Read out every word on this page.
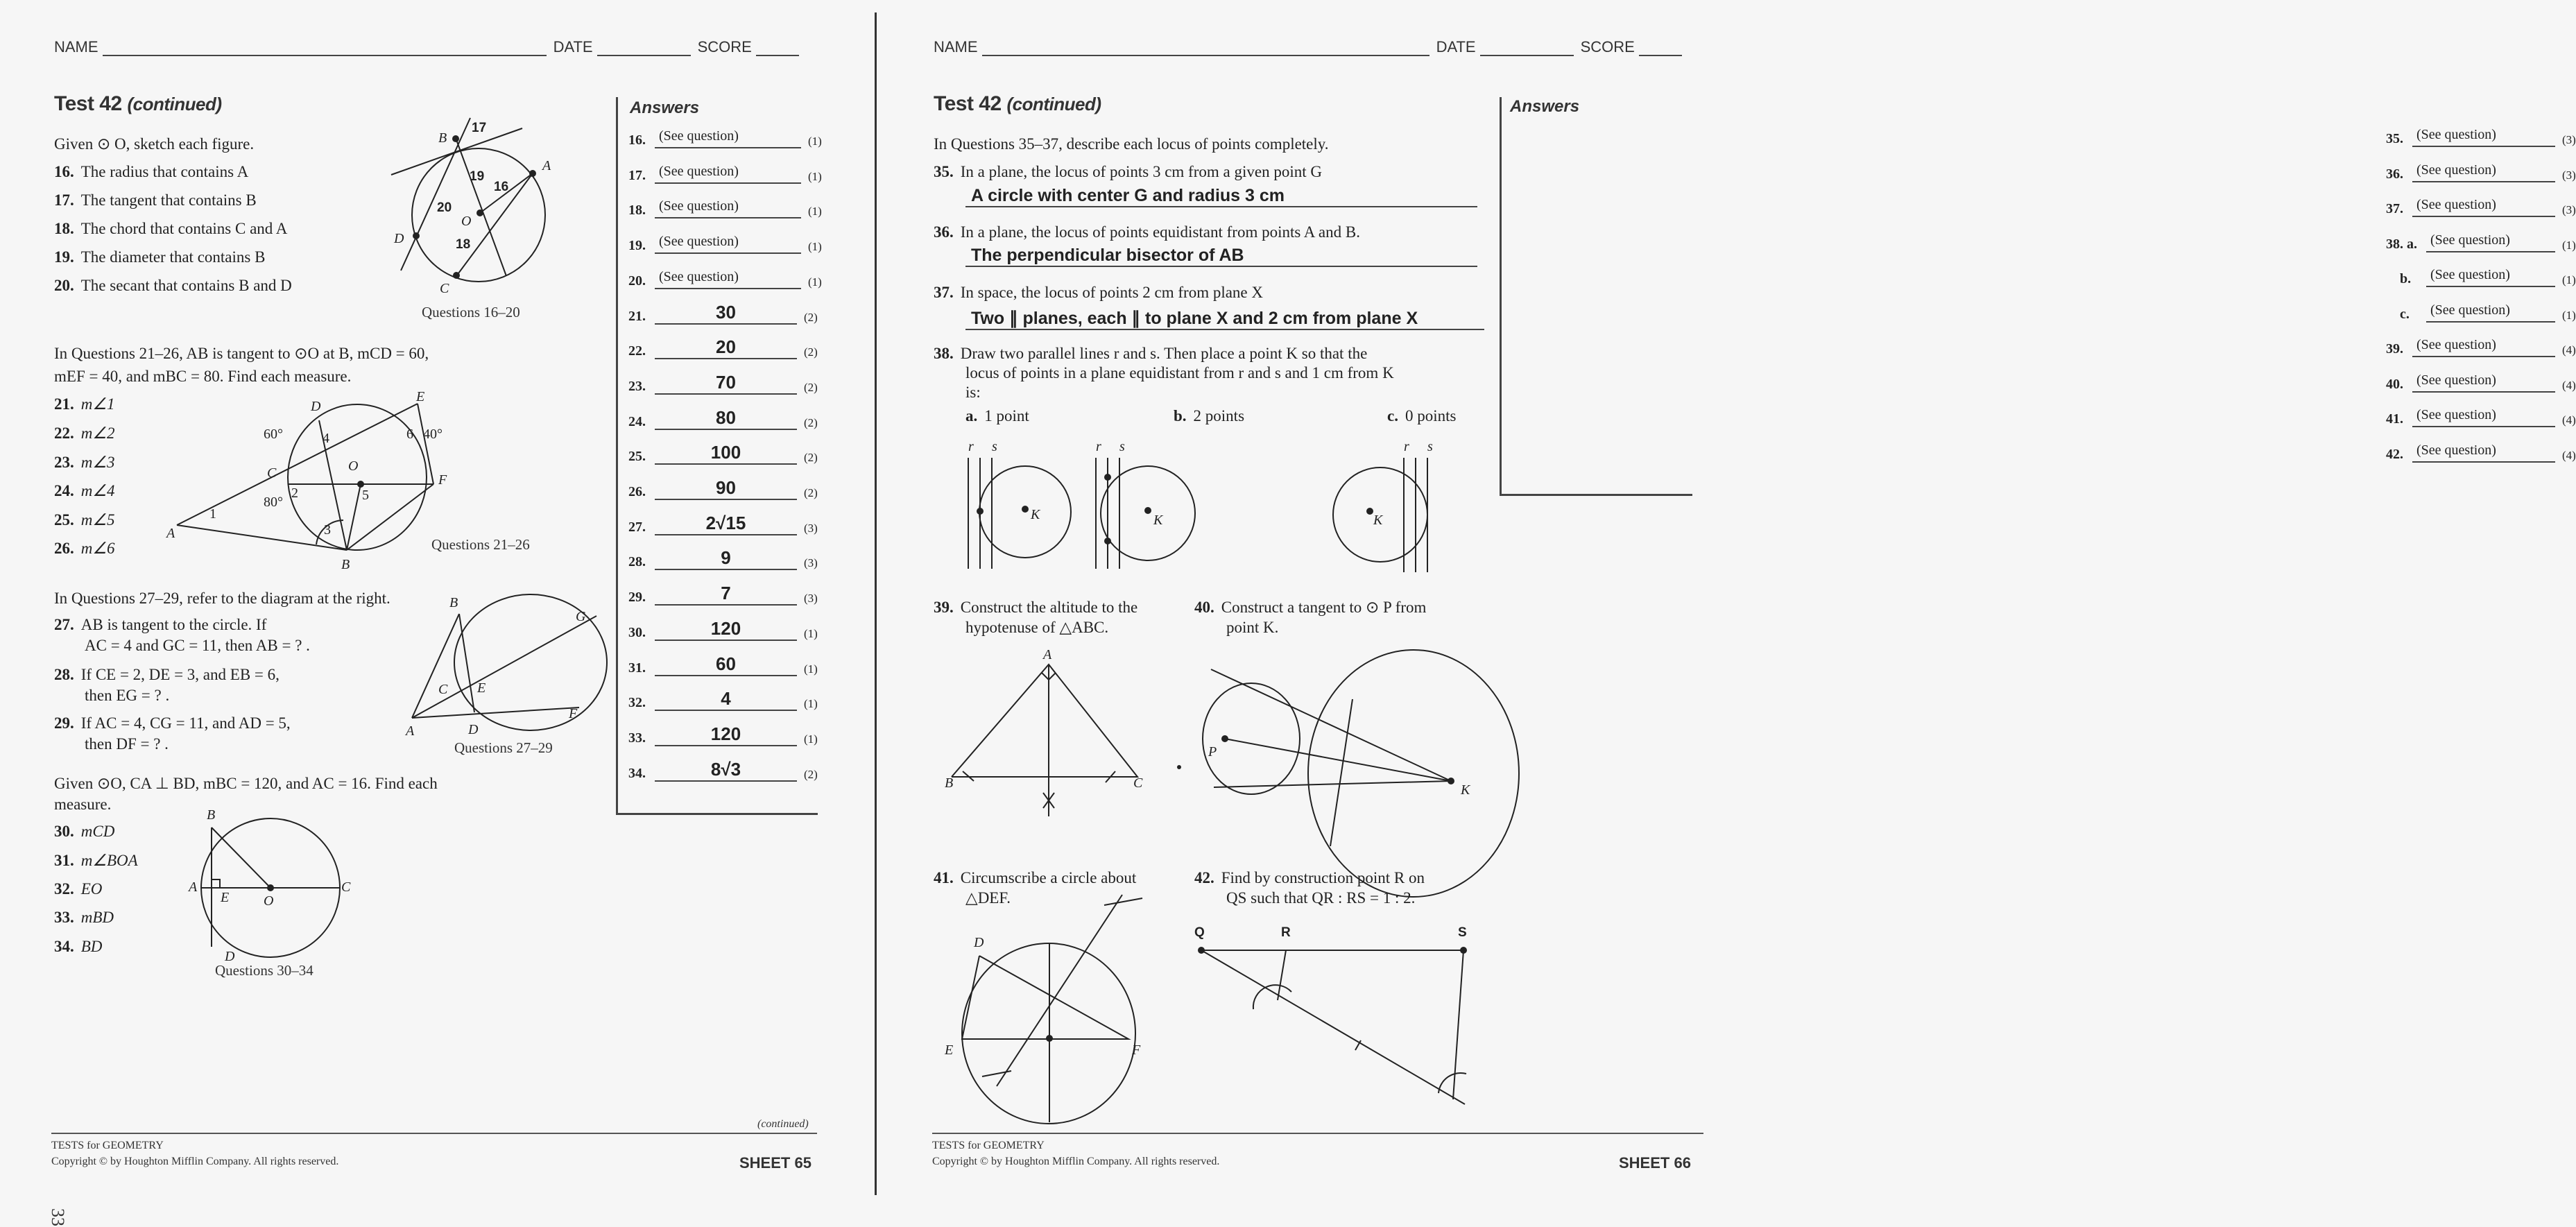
NAME	DATE	SCORE
Test 42 (continued)
Given ⊙ O, sketch each figure.
16. The radius that contains A
17. The tangent that contains B
18. The chord that contains C and A
19. The diameter that contains B
20. The secant that contains B and D
B
A
D
C
O
17
19
16
20
18
Questions 16–20
In Questions 21–26, AB is tangent to ⊙O at B, mCD = 60,
mEF = 40, and mBC = 80. Find each measure.
21. m∠1
22. m∠2
23. m∠3
24. m∠4
25. m∠5
26. m∠6
D
E
C	O
F
A
B
60°	40°
80°
1
2
3
4
5
6
Questions 21–26
In Questions 27–29, refer to the diagram at the right.
27. AB is tangent to the circle. If
AC = 4 and GC = 11, then AB = ? .
28. If CE = 2, DE = 3, and EB = 6,
then EG = ? .
29. If AC = 4, CG = 11, and AD = 5,
then DF = ? .
B
G
C E
A	D
F
Questions 27–29
Given ⊙O, CA ⊥ BD, mBC = 120, and AC = 16. Find each
measure.
30. mCD
31. m∠BOA
32. EO
33. mBD
34. BD
B
A
E O
C
D
Questions 30–34
Answers
16. (See question)	(1)
17. (See question)	(1)
18. (See question)	(1)
19. (See question)	(1)
20. (See question)	(1)
21.	30	(2)
22.	20	(2)
23.	70	(2)
24.	80	(2)
25.	100	(2)
26.	90	(2)
27.	2√15	(3)
28.	9	(3)
29.	7	(3)
30.	120	(1)
31.	60	(1)
32.	4	(1)
33.	120	(1)
34.	8√3	(2)
(continued)
TESTS for GEOMETRY
Copyright © by Houghton Mifflin Company. All rights reserved.	SHEET 65
33
NAME	DATE	SCORE
Test 42 (continued)
In Questions 35–37, describe each locus of points completely.
35. In a plane, the locus of points 3 cm from a given point G
A circle with center G and radius 3 cm
36. In a plane, the locus of points equidistant from points A and B.
The perpendicular bisector of AB
37. In space, the locus of points 2 cm from plane X
Two ∥ planes, each ∥ to plane X and 2 cm from plane X
38. Draw two parallel lines r and s. Then place a point K so that the
locus of points in a plane equidistant from r and s and 1 cm from K
is:
a. 1 point	b. 2 points	c. 0 points
r s
K
r s
K
r s
K
39. Construct the altitude to the
hypotenuse of △ABC.
40. Construct a tangent to ⊙ P from
point K.
A
B	C
P
K
41. Circumscribe a circle about
△DEF.
42. Find by construction point R on
QS such that QR : RS = 1 : 2.
D
E	F
Q	R	S
Answers
35. (See question)	(3)
36. (See question)	(3)
37. (See question)	(3)
38. a. (See question)	(1)
b.	(See question)	(1)
c.	(See question)	(1)
39. (See question)	(4)
40. (See question)	(4)
41. (See question)	(4)
42. (See question)	(4)
TESTS for GEOMETRY
Copyright © by Houghton Mifflin Company. All rights reserved.	SHEET 66
